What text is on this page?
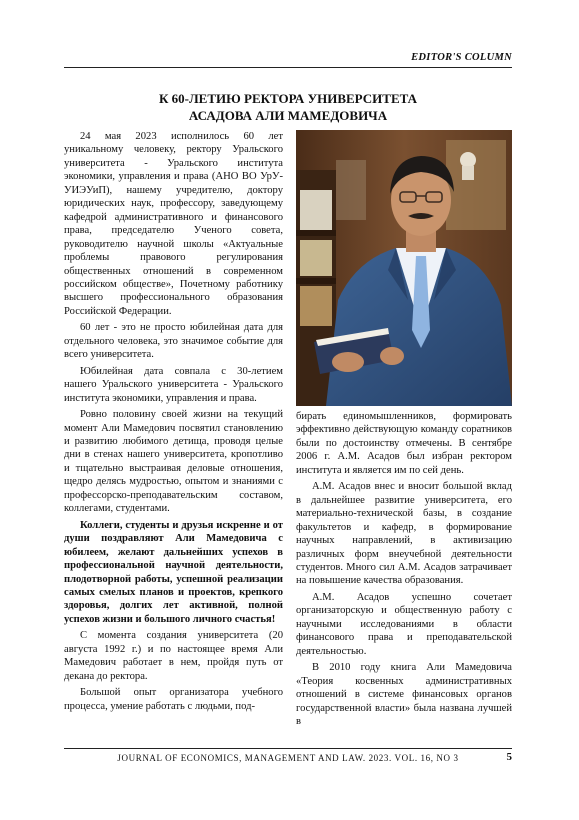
EDITOR'S COLUMN
К 60-ЛЕТИЮ РЕКТОРА УНИВЕРСИТЕТА
АСАДОВА АЛИ МАМЕДОВИЧА

24 мая 2023 исполнилось 60 лет уникальному человеку, ректору Уральского университета - Уральского института экономики, управления и права (АНО ВО УрУ-УИЭУиП), нашему учредителю, доктору юридических наук, профессору, заведующему кафедрой административного и финансового права, председателю Ученого совета, руководителю научной школы «Актуальные проблемы правового регулирования общественных отношений в современном российском обществе», Почетному работнику высшего профессионального образования Российской Федерации.

60 лет - это не просто юбилейная дата для отдельного человека, это значимое событие для всего университета.

Юбилейная дата совпала с 30-летием нашего Уральского университета - Уральского института экономики, управления и права.

Ровно половину своей жизни на текущий момент Али Мамедович посвятил становлению и развитию любимого детища, проводя целые дни в стенах нашего университета, кропотливо и тщательно выстраивая деловые отношения, щедро делясь мудростью, опытом и знаниями с профессорско-преподавательским составом, коллегами, студентами.

Коллеги, студенты и друзья искренне и от души поздравляют Али Мамедовича с юбилеем, желают дальнейших успехов в профессиональной научной деятельности, плодотворной работы, успешной реализации самых смелых планов и проектов, крепкого здоровья, долгих лет активной, полной успехов жизни и большого личного счастья!

С момента создания университета (20 августа 1992 г.) и по настоящее время Али Мамедович работает в нем, пройдя путь от декана до ректора.

Большой опыт организатора учебного процесса, умение работать с людьми, под-

бирать единомышленников, формировать эффективно действующую команду соратников были по достоинству отмечены. В сентябре 2006 г. А.М. Асадов был избран ректором института и является им по сей день.

А.М. Асадов внес и вносит большой вклад в дальнейшее развитие университета, его материально-технической базы, в создание факультетов и кафедр, в формирование научных направлений, в активизацию различных форм внеучебной деятельности студентов. Много сил А.М. Асадов затрачивает на повышение качества образования.

А.М. Асадов успешно сочетает организаторскую и общественную работу с научными исследованиями в области финансового права и преподавательской деятельностью.

В 2010 году книга Али Мамедовича «Теория косвенных административных отношений в системе финансовых органов государственной власти» была названа лучшей в

JOURNAL OF ECONOMICS, MANAGEMENT AND LAW. 2023. VOL. 16, NO 3	5
